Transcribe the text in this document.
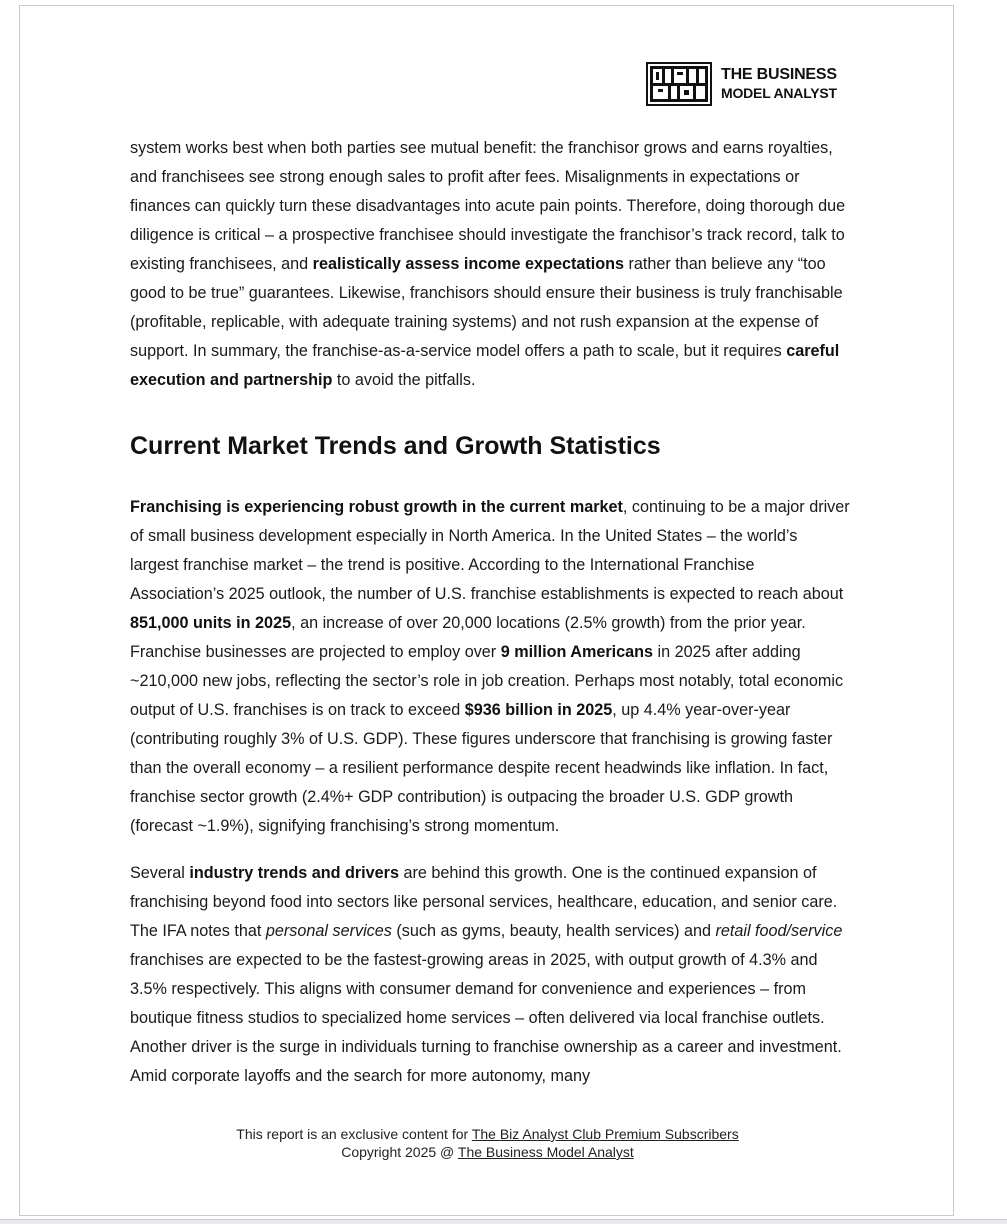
THE BUSINESS
MODEL ANALYST

system works best when both parties see mutual benefit: the franchisor grows and earns royalties, and franchisees see strong enough sales to profit after fees. Misalignments in expectations or finances can quickly turn these disadvantages into acute pain points. Therefore, doing thorough due diligence is critical – a prospective franchisee should investigate the franchisor’s track record, talk to existing franchisees, and realistically assess income expectations rather than believe any “too good to be true” guarantees. Likewise, franchisors should ensure their business is truly franchisable (profitable, replicable, with adequate training systems) and not rush expansion at the expense of support. In summary, the franchise-as-a-service model offers a path to scale, but it requires careful execution and partnership to avoid the pitfalls.

Current Market Trends and Growth Statistics

Franchising is experiencing robust growth in the current market, continuing to be a major driver of small business development especially in North America. In the United States – the world’s largest franchise market – the trend is positive. According to the International Franchise Association’s 2025 outlook, the number of U.S. franchise establishments is expected to reach about 851,000 units in 2025, an increase of over 20,000 locations (2.5% growth) from the prior year. Franchise businesses are projected to employ over 9 million Americans in 2025 after adding ~210,000 new jobs, reflecting the sector’s role in job creation. Perhaps most notably, total economic output of U.S. franchises is on track to exceed $936 billion in 2025, up 4.4% year-over-year (contributing roughly 3% of U.S. GDP). These figures underscore that franchising is growing faster than the overall economy – a resilient performance despite recent headwinds like inflation. In fact, franchise sector growth (2.4%+ GDP contribution) is outpacing the broader U.S. GDP growth (forecast ~1.9%), signifying franchising’s strong momentum.

Several industry trends and drivers are behind this growth. One is the continued expansion of franchising beyond food into sectors like personal services, healthcare, education, and senior care. The IFA notes that personal services (such as gyms, beauty, health services) and retail food/service franchises are expected to be the fastest-growing areas in 2025, with output growth of 4.3% and 3.5% respectively. This aligns with consumer demand for convenience and experiences – from boutique fitness studios to specialized home services – often delivered via local franchise outlets. Another driver is the surge in individuals turning to franchise ownership as a career and investment. Amid corporate layoffs and the search for more autonomy, many

This report is an exclusive content for The Biz Analyst Club Premium Subscribers
Copyright 2025 @ The Business Model Analyst
